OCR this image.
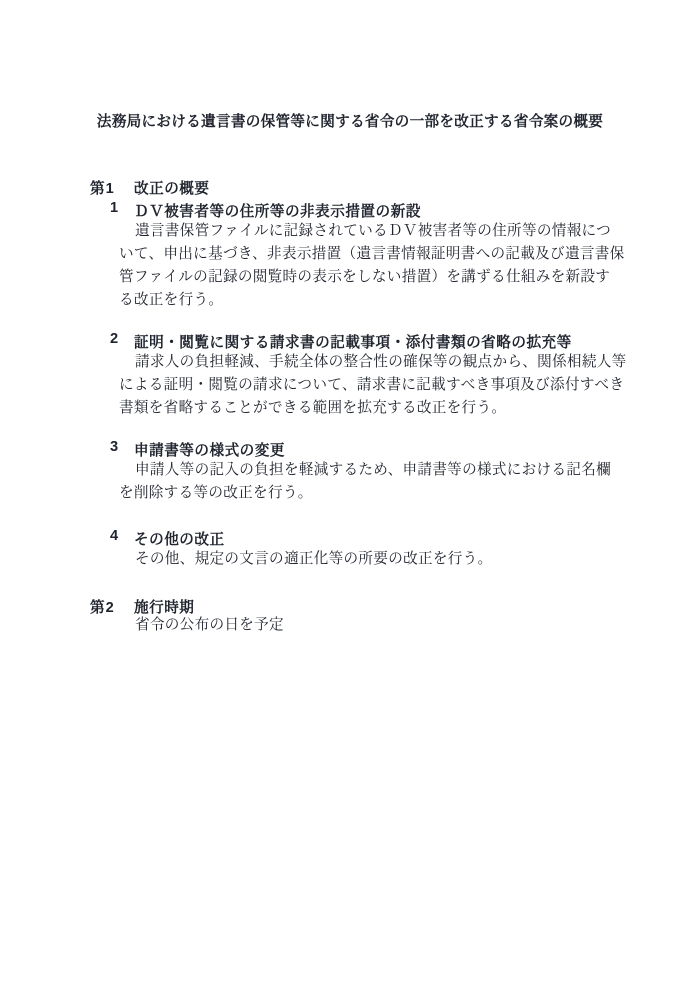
法務局における遺言書の保管等に関する省令の一部を改正する省令案の概要
第1 改正の概要
1 ＤＶ被害者等の住所等の非表示措置の新設
遺言書保管ファイルに記録されているＤＶ被害者等の住所等の情報につ
いて、申出に基づき、非表示措置（遺言書情報証明書への記載及び遺言書保
管ファイルの記録の閲覧時の表示をしない措置）を講ずる仕組みを新設す
る改正を行う。
2 証明・閲覧に関する請求書の記載事項・添付書類の省略の拡充等
請求人の負担軽減、手続全体の整合性の確保等の観点から、関係相続人等
による証明・閲覧の請求について、請求書に記載すべき事項及び添付すべき
書類を省略することができる範囲を拡充する改正を行う。
3 申請書等の様式の変更
申請人等の記入の負担を軽減するため、申請書等の様式における記名欄
を削除する等の改正を行う。
4 その他の改正
その他、規定の文言の適正化等の所要の改正を行う。
第2 施行時期
省令の公布の日を予定
